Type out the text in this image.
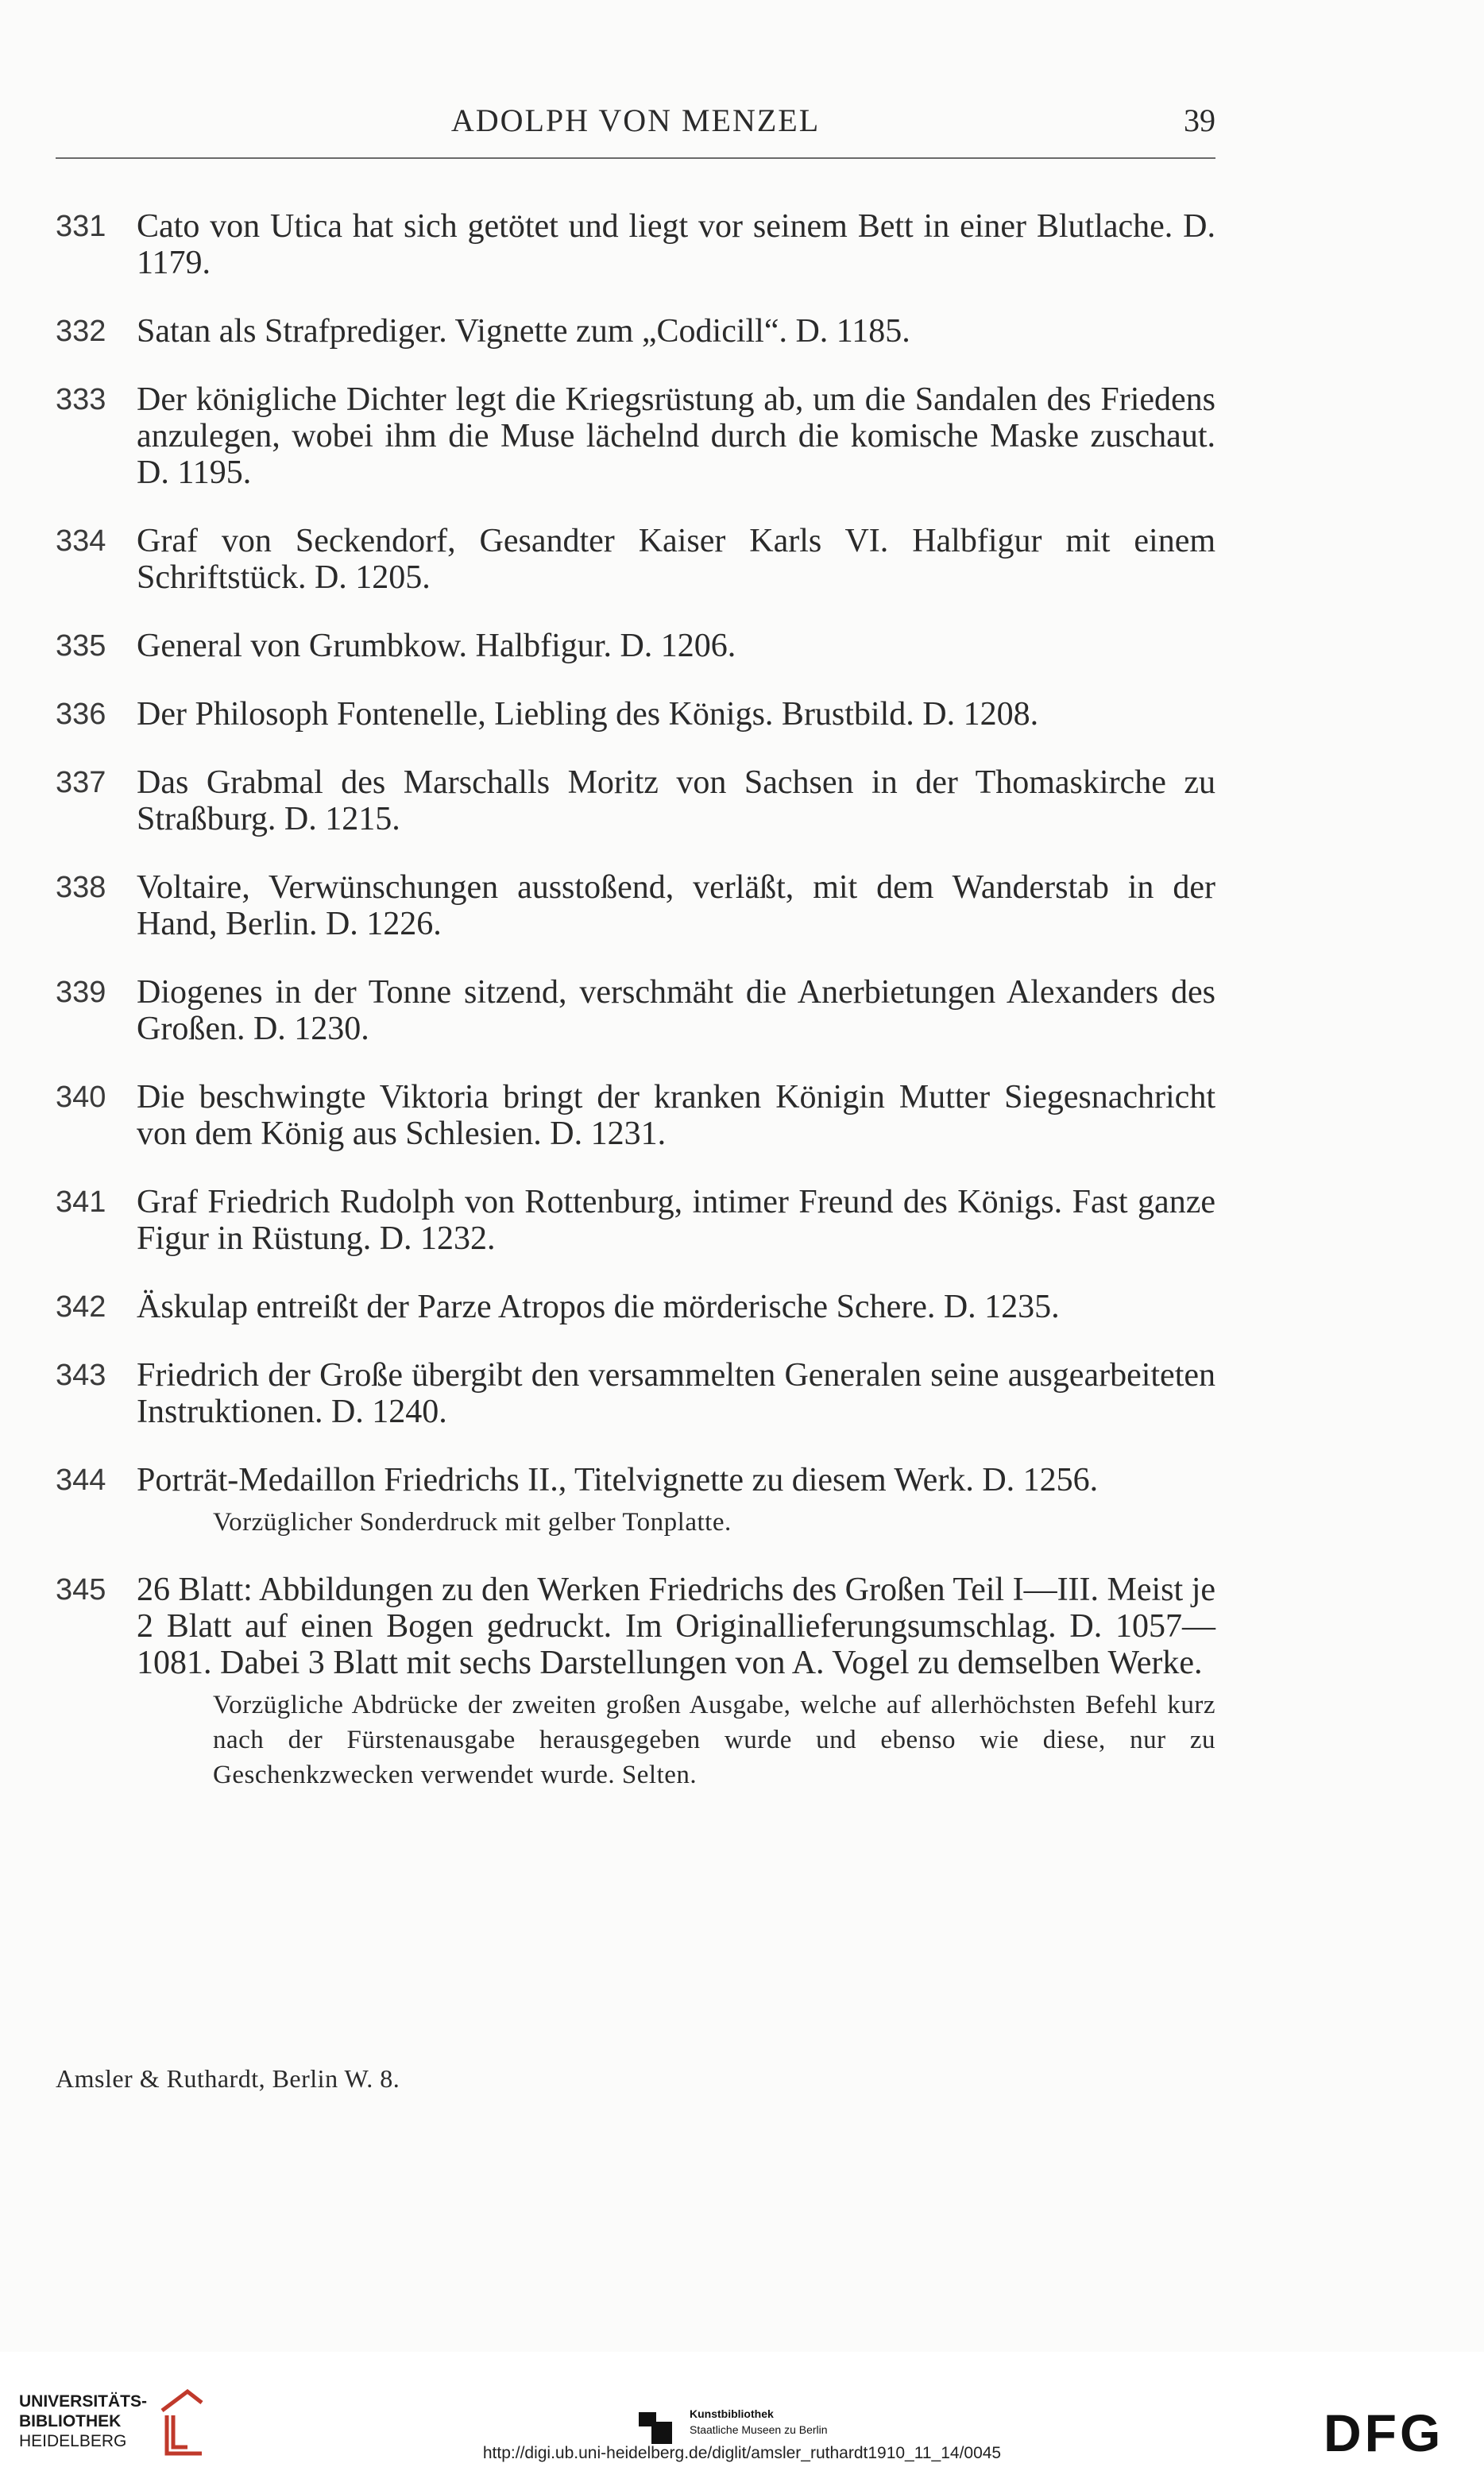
ADOLPH VON MENZEL	39
331 Cato von Utica hat sich getötet und liegt vor seinem Bett in einer Blutlache. D. 1179.
332 Satan als Strafprediger. Vignette zum „Codicill“. D. 1185.
333 Der königliche Dichter legt die Kriegsrüstung ab, um die Sandalen des Friedens anzulegen, wobei ihm die Muse lächelnd durch die komische Maske zuschaut. D. 1195.
334 Graf von Seckendorf, Gesandter Kaiser Karls VI. Halbfigur mit einem Schriftstück. D. 1205.
335 General von Grumbkow. Halbfigur. D. 1206.
336 Der Philosoph Fontenelle, Liebling des Königs. Brustbild. D. 1208.
337 Das Grabmal des Marschalls Moritz von Sachsen in der Thomaskirche zu Straßburg. D. 1215.
338 Voltaire, Verwünschungen ausstoßend, verläßt, mit dem Wanderstab in der Hand, Berlin. D. 1226.
339 Diogenes in der Tonne sitzend, verschmäht die Anerbietungen Alexanders des Großen. D. 1230.
340 Die beschwingte Viktoria bringt der kranken Königin Mutter Siegesnachricht von dem König aus Schlesien. D. 1231.
341 Graf Friedrich Rudolph von Rottenburg, intimer Freund des Königs. Fast ganze Figur in Rüstung. D. 1232.
342 Äskulap entreißt der Parze Atropos die mörderische Schere. D. 1235.
343 Friedrich der Große übergibt den versammelten Generalen seine ausgearbeiteten Instruktionen. D. 1240.
344 Porträt-Medaillon Friedrichs II., Titelvignette zu diesem Werk. D. 1256.
Vorzüglicher Sonderdruck mit gelber Tonplatte.
345 26 Blatt: Abbildungen zu den Werken Friedrichs des Großen Teil I—III. Meist je 2 Blatt auf einen Bogen gedruckt. Im Originallieferungsumschlag. D. 1057—1081. Dabei 3 Blatt mit sechs Darstellungen von A. Vogel zu demselben Werke.
Vorzügliche Abdrücke der zweiten großen Ausgabe, welche auf allerhöchsten Befehl kurz nach der Fürstenausgabe herausgegeben wurde und ebenso wie diese, nur zu Geschenkzwecken verwendet wurde. Selten.
Amsler & Ruthardt, Berlin W. 8.
UNIVERSITÄTS-
BIBLIOTHEK
HEIDELBERG
Kunstbibliothek
Staatliche Museen zu Berlin	DFG
http://digi.ub.uni-heidelberg.de/diglit/amsler_ruthardt1910_11_14/0045
